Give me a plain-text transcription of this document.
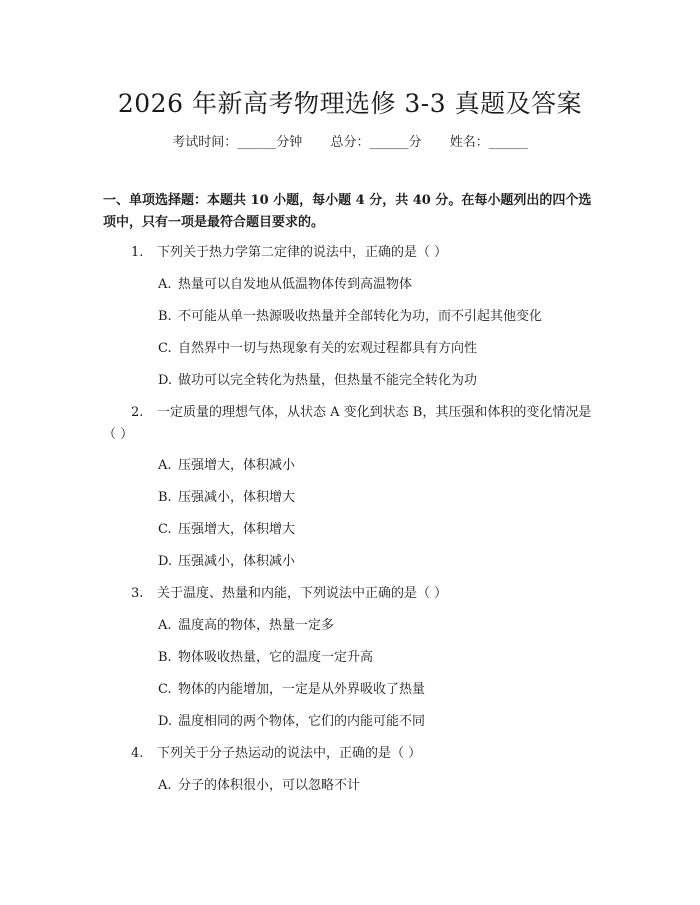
2026 年新高考物理选修 3-3 真题及答案
考试时间：______分钟 总分：______分 姓名：______
一、单项选择题：本题共 10 小题，每小题 4 分，共 40 分。在每小题列出的四个选项中，只有一项是最符合题目要求的。
1. 下列关于热力学第二定律的说法中，正确的是（ ）
A. 热量可以自发地从低温物体传到高温物体
B. 不可能从单一热源吸收热量并全部转化为功，而不引起其他变化
C. 自然界中一切与热现象有关的宏观过程都具有方向性
D. 做功可以完全转化为热量，但热量不能完全转化为功
2. 一定质量的理想气体，从状态 A 变化到状态 B，其压强和体积的变化情况是（ ）
A. 压强增大，体积减小
B. 压强减小，体积增大
C. 压强增大，体积增大
D. 压强减小，体积减小
3. 关于温度、热量和内能，下列说法中正确的是（ ）
A. 温度高的物体，热量一定多
B. 物体吸收热量，它的温度一定升高
C. 物体的内能增加，一定是从外界吸收了热量
D. 温度相同的两个物体，它们的内能可能不同
4. 下列关于分子热运动的说法中，正确的是（ ）
A. 分子的体积很小，可以忽略不计
